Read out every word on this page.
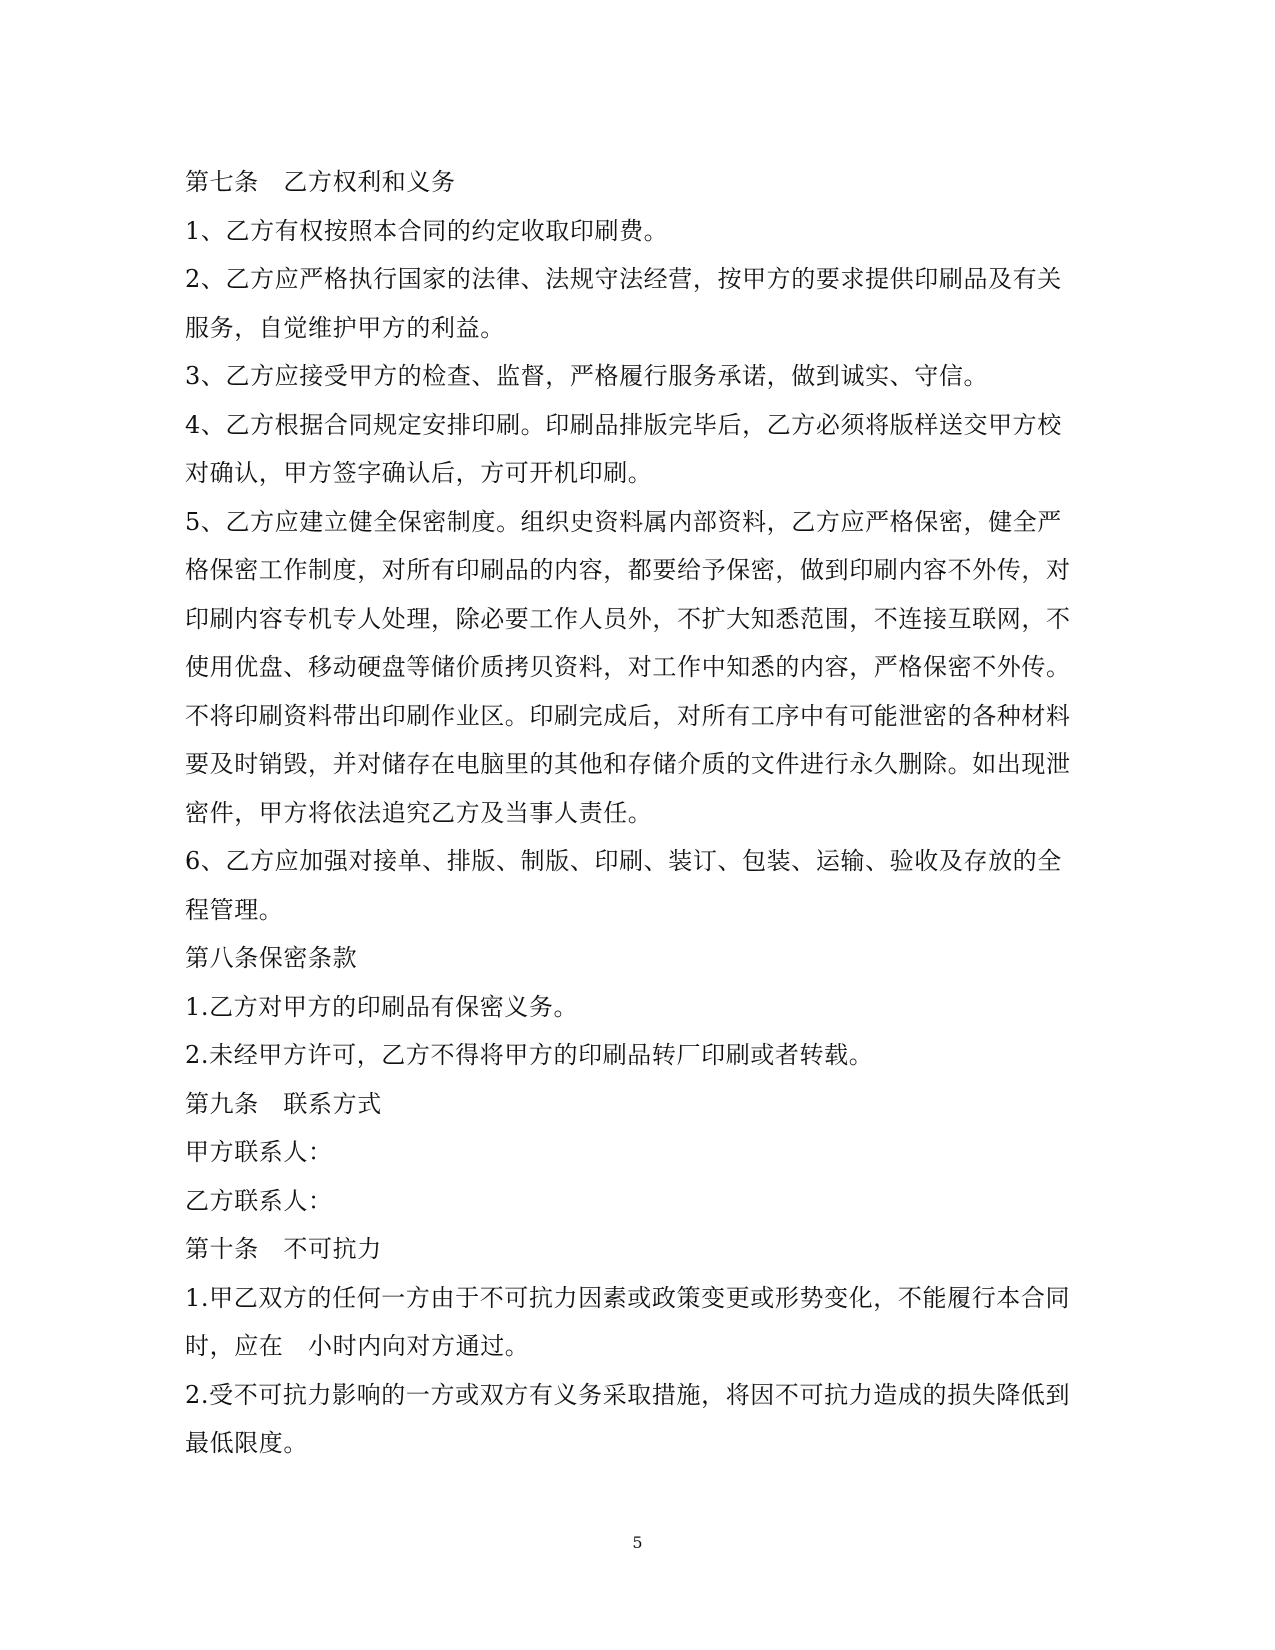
第七条　乙方权利和义务

1、乙方有权按照本合同的约定收取印刷费。

2、乙方应严格执行国家的法律、法规守法经营，按甲方的要求提供印刷品及有关

服务，自觉维护甲方的利益。

3、乙方应接受甲方的检查、监督，严格履行服务承诺，做到诚实、守信。

4、乙方根据合同规定安排印刷。印刷品排版完毕后，乙方必须将版样送交甲方校

对确认，甲方签字确认后，方可开机印刷。

5、乙方应建立健全保密制度。组织史资料属内部资料，乙方应严格保密，健全严

格保密工作制度，对所有印刷品的内容，都要给予保密，做到印刷内容不外传，对

印刷内容专机专人处理，除必要工作人员外，不扩大知悉范围，不连接互联网，不

使用优盘、移动硬盘等储价质拷贝资料，对工作中知悉的内容，严格保密不外传。

不将印刷资料带出印刷作业区。印刷完成后，对所有工序中有可能泄密的各种材料

要及时销毁，并对储存在电脑里的其他和存储介质的文件进行永久删除。如出现泄

密件，甲方将依法追究乙方及当事人责任。

6、乙方应加强对接单、排版、制版、印刷、装订、包装、运输、验收及存放的全

程管理。

第八条保密条款

1.乙方对甲方的印刷品有保密义务。

2.未经甲方许可，乙方不得将甲方的印刷品转厂印刷或者转载。

第九条　联系方式

甲方联系人：

乙方联系人：

第十条　不可抗力

1.甲乙双方的任何一方由于不可抗力因素或政策变更或形势变化，不能履行本合同

时，应在　小时内向对方通过。

2.受不可抗力影响的一方或双方有义务采取措施，将因不可抗力造成的损失降低到

最低限度。

5
